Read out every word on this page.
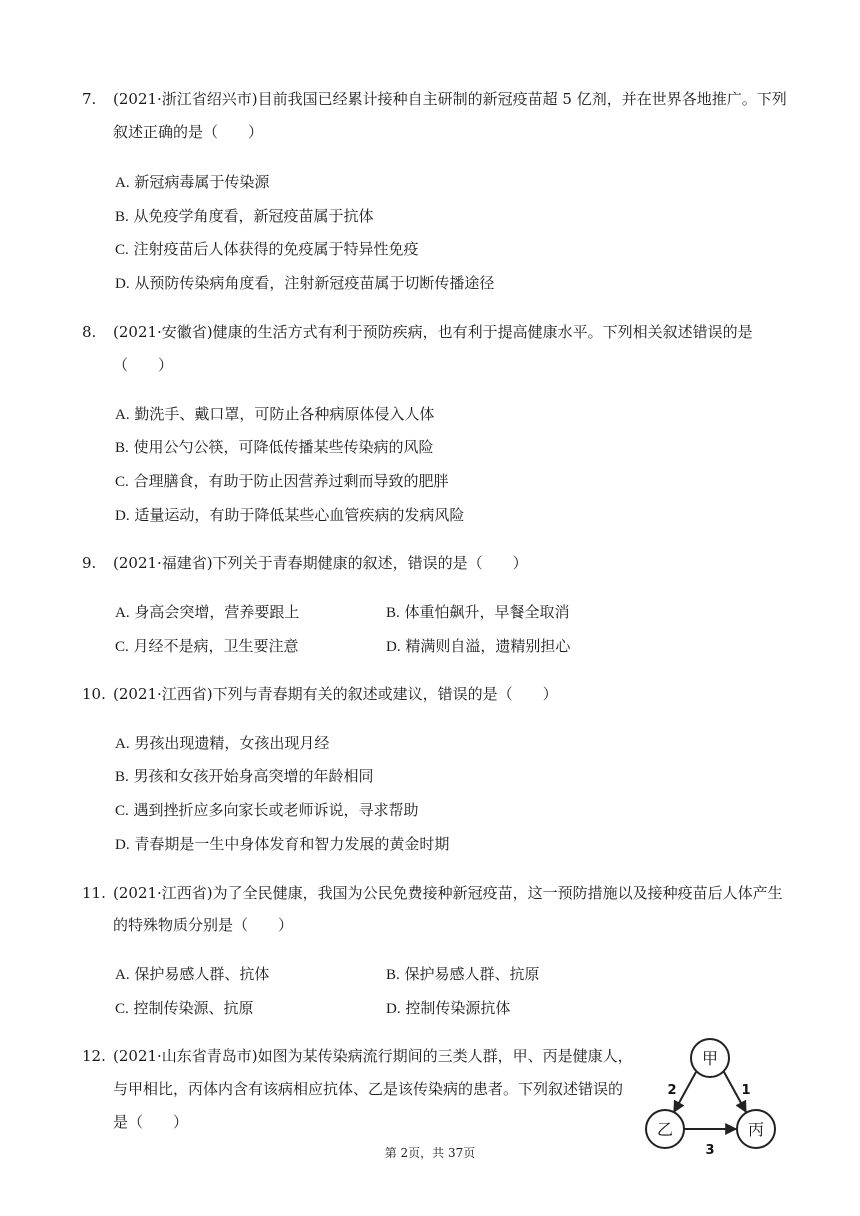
7. (2021·浙江省绍兴市)目前我国已经累计接种自主研制的新冠疫苗超 5 亿剂，并在世界各地推广。下列
叙述正确的是（　　）
A. 新冠病毒属于传染源
B. 从免疫学角度看，新冠疫苗属于抗体
C. 注射疫苗后人体获得的免疫属于特异性免疫
D. 从预防传染病角度看，注射新冠疫苗属于切断传播途径
8. (2021·安徽省)健康的生活方式有利于预防疾病，也有利于提高健康水平。下列相关叙述错误的是
（　　）
A. 勤洗手、戴口罩，可防止各种病原体侵入人体
B. 使用公勺公筷，可降低传播某些传染病的风险
C. 合理膳食，有助于防止因营养过剩而导致的肥胖
D. 适量运动，有助于降低某些心血管疾病的发病风险
9. (2021·福建省)下列关于青春期健康的叙述，错误的是（　　）
A. 身高会突增，营养要跟上	B. 体重怕飙升，早餐全取消
C. 月经不是病，卫生要注意	D. 精满则自溢，遗精别担心
10. (2021·江西省)下列与青春期有关的叙述或建议，错误的是（　　）
A. 男孩出现遗精，女孩出现月经
B. 男孩和女孩开始身高突增的年龄相同
C. 遇到挫折应多向家长或老师诉说，寻求帮助
D. 青春期是一生中身体发育和智力发展的黄金时期
11. (2021·江西省)为了全民健康，我国为公民免费接种新冠疫苗，这一预防措施以及接种疫苗后人体产生
的特殊物质分别是（　　）
A. 保护易感人群、抗体	B. 保护易感人群、抗原
C. 控制传染源、抗原	D. 控制传染源抗体
12. (2021·山东省青岛市)如图为某传染病流行期间的三类人群，甲、丙是健康人，
与甲相比，丙体内含有该病相应抗体、乙是该传染病的患者。下列叙述错误的
是（　　）
甲
乙	丙
2	1
3
第 2页，共 37页
